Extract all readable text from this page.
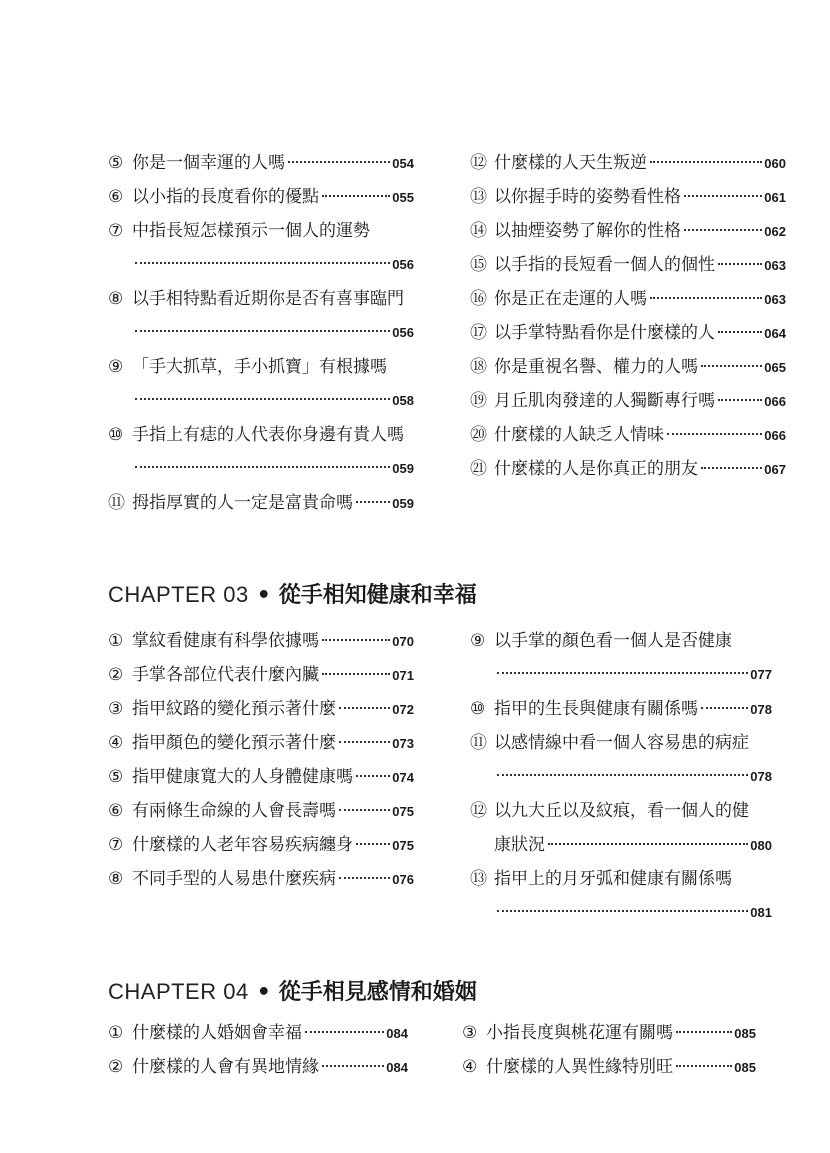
⑤ 你是一個幸運的人嗎	054
⑥ 以小指的長度看你的優點	055
⑦ 中指長短怎樣預示一個人的運勢
056
⑧ 以手相特點看近期你是否有喜事臨門
056
⑨ 「手大抓草，手小抓寶」有根據嗎
058
⑩ 手指上有痣的人代表你身邊有貴人嗎
059
⑪ 拇指厚實的人一定是富貴命嗎	059
⑫ 什麼樣的人天生叛逆	060
⑬ 以你握手時的姿勢看性格	061
⑭ 以抽煙姿勢了解你的性格	062
⑮ 以手指的長短看一個人的個性	063
⑯ 你是正在走運的人嗎	063
⑰ 以手掌特點看你是什麼樣的人	064
⑱ 你是重視名譽、權力的人嗎	065
⑲ 月丘肌肉發達的人獨斷專行嗎	066
⑳ 什麼樣的人缺乏人情味	066
㉑ 什麼樣的人是你真正的朋友	067
CHAPTER 03 • 從手相知健康和幸福
① 掌紋看健康有科學依據嗎	070
② 手掌各部位代表什麼內臟	071
③ 指甲紋路的變化預示著什麼	072
④ 指甲顏色的變化預示著什麼	073
⑤ 指甲健康寬大的人身體健康嗎	074
⑥ 有兩條生命線的人會長壽嗎	075
⑦ 什麼樣的人老年容易疾病纏身	075
⑧ 不同手型的人易患什麼疾病	076
⑨ 以手掌的顏色看一個人是否健康
077
⑩ 指甲的生長與健康有關係嗎	078
⑪ 以感情線中看一個人容易患的病症
078
⑫ 以九大丘以及紋痕，看一個人的健
康狀況	080
⑬ 指甲上的月牙弧和健康有關係嗎
081
CHAPTER 04 • 從手相見感情和婚姻
① 什麼樣的人婚姻會幸福	084
② 什麼樣的人會有異地情緣	084
③ 小指長度與桃花運有關嗎	085
④ 什麼樣的人異性緣特別旺	085
